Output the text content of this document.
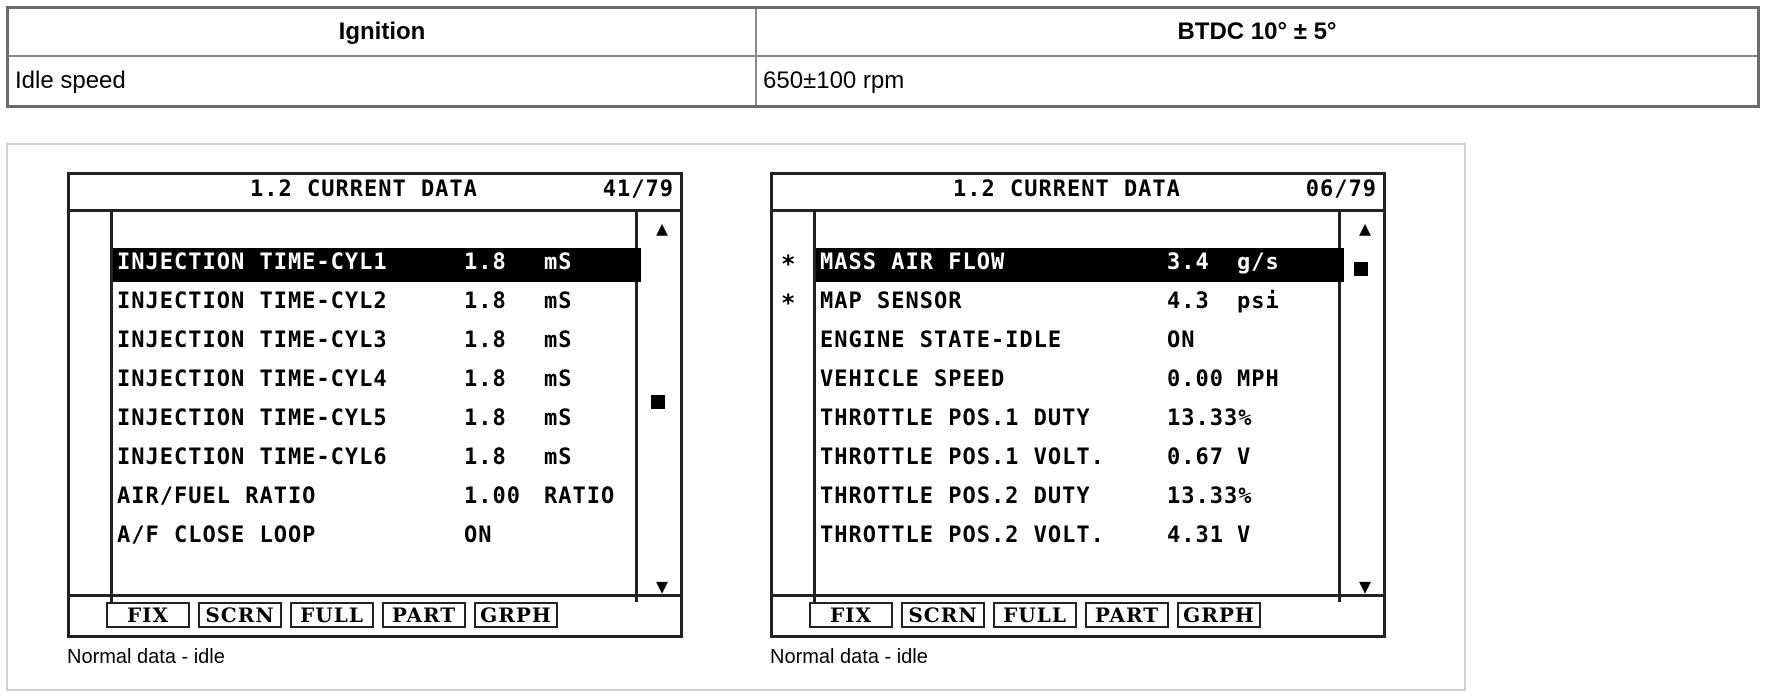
Ignition	BTDC 10° ± 5°
Idle speed	650±100 rpm
1.2 CURRENT DATA	41/79
▲
▼
INJECTION TIME-CYL1	1.8 mS
INJECTION TIME-CYL2	1.8 mS
INJECTION TIME-CYL3	1.8 mS
INJECTION TIME-CYL4	1.8 mS
INJECTION TIME-CYL5	1.8 mS
INJECTION TIME-CYL6	1.8 mS
AIR/FUEL RATIO	1.00 RATIO
A/F CLOSE LOOP	ON
FIX	SCRN	FULL	PART	GRPH
1.2 CURRENT DATA	06/79
▲
▼
MASS AIR FLOW	3.4 g/s
*
MAP SENSOR	4.3 psi
*
ENGINE STATE-IDLE	ON
VEHICLE SPEED	0.00 MPH
THROTTLE POS.1 DUTY	13.33%
THROTTLE POS.1 VOLT.	0.67 V
THROTTLE POS.2 DUTY	13.33%
THROTTLE POS.2 VOLT.	4.31 V
FIX	SCRN	FULL	PART	GRPH
Normal data - idle	Normal data - idle
